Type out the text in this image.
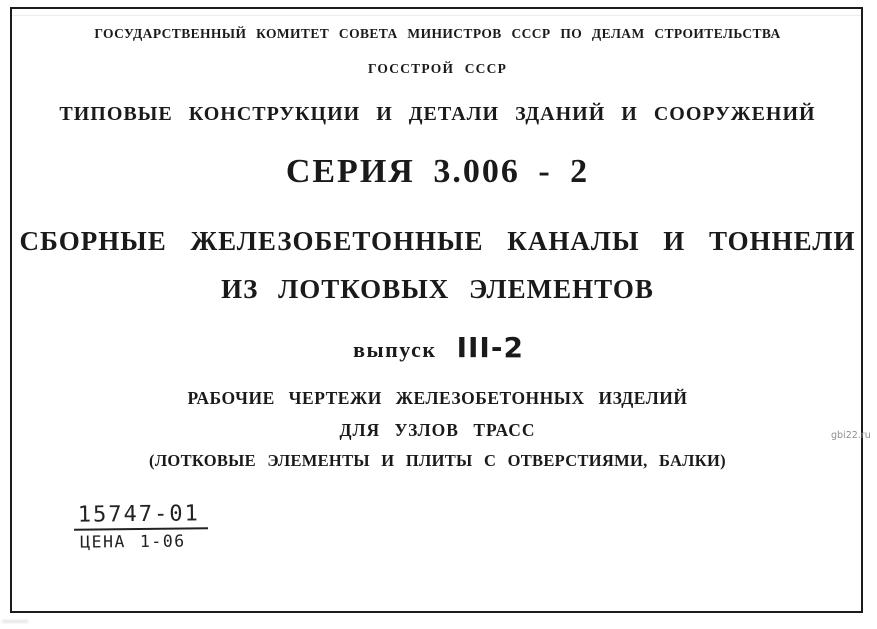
ГОСУДАРСТВЕННЫЙ КОМИТЕТ СОВЕТА МИНИСТРОВ СССР ПО ДЕЛАМ СТРОИТЕЛЬСТВА
ГОССТРОЙ СССР
ТИПОВЫЕ КОНСТРУКЦИИ И ДЕТАЛИ ЗДАНИЙ И СООРУЖЕНИЙ
СЕРИЯ 3.006 - 2
СБОРНЫЕ ЖЕЛЕЗОБЕТОННЫЕ КАНАЛЫ И ТОННЕЛИ
ИЗ ЛОТКОВЫХ ЭЛЕМЕНТОВ
выпуск III-2
РАБОЧИЕ ЧЕРТЕЖИ ЖЕЛЕЗОБЕТОННЫХ ИЗДЕЛИЙ
ДЛЯ УЗЛОВ ТРАСС
(ЛОТКОВЫЕ ЭЛЕМЕНТЫ И ПЛИТЫ С ОТВЕРСТИЯМИ, БАЛКИ)
15747-01
ЦЕНА 1-06
gbi22.ru
